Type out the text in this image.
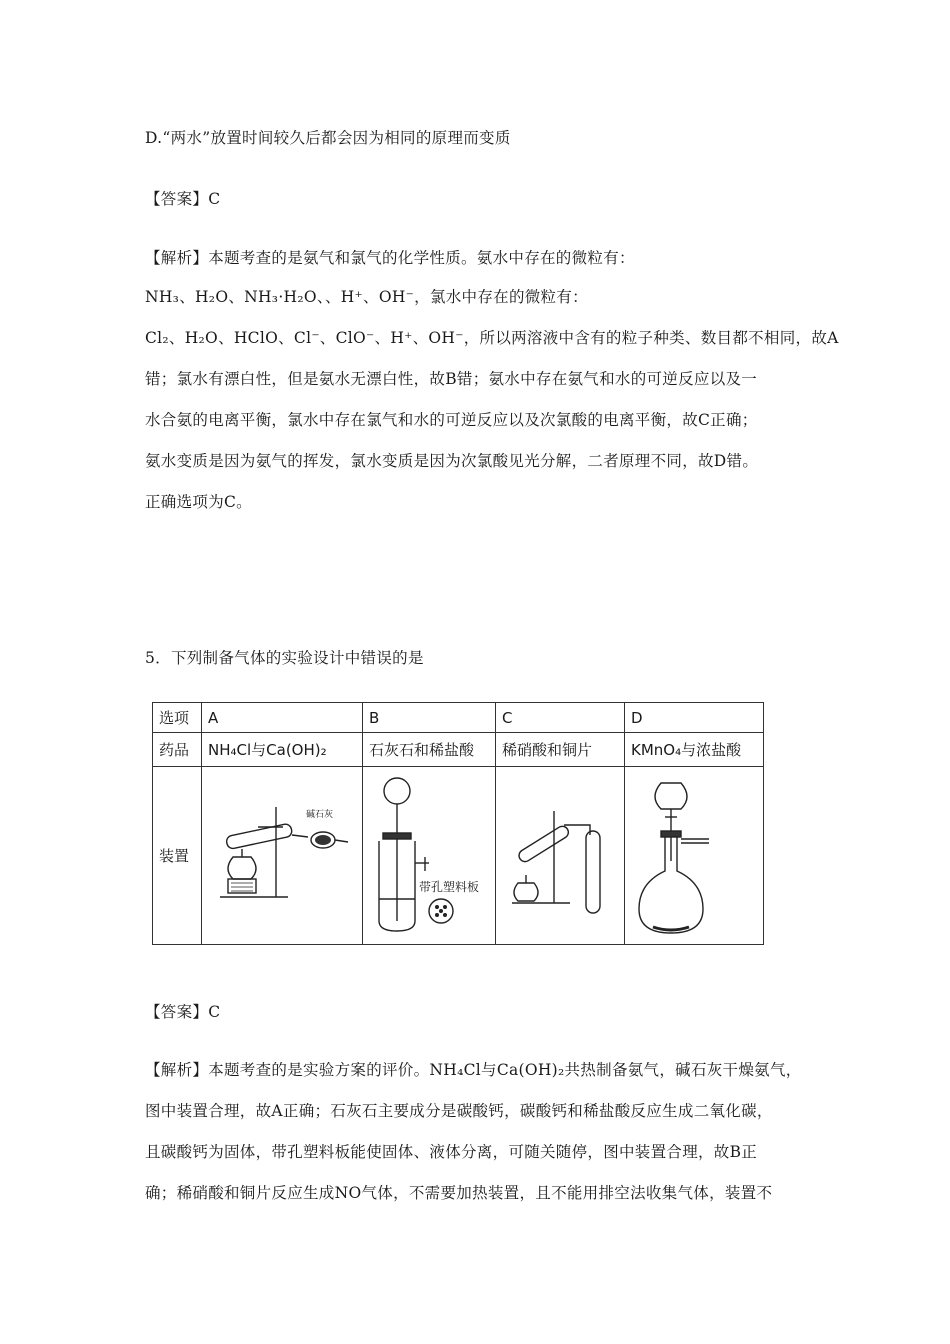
D.“两水”放置时间较久后都会因为相同的原理而变质
【答案】C
【解析】本题考查的是氨气和氯气的化学性质。氨水中存在的微粒有：
NH₃、H₂O、NH₃·H₂O、、H⁺、OH⁻，氯水中存在的微粒有：
Cl₂、H₂O、HClO、Cl⁻、ClO⁻、H⁺、OH⁻，所以两溶液中含有的粒子种类、数目都不相同，故A
错；氯水有漂白性，但是氨水无漂白性，故B错；氨水中存在氨气和水的可逆反应以及一
水合氨的电离平衡，氯水中存在氯气和水的可逆反应以及次氯酸的电离平衡，故C正确；
氨水变质是因为氨气的挥发，氯水变质是因为次氯酸见光分解，二者原理不同，故D错。
正确选项为C。
5．下列制备气体的实验设计中错误的是
选项	A	B	C	D
药品	NH₄Cl与Ca(OH)₂	石灰石和稀盐酸	稀硝酸和铜片	KMnO₄与浓盐酸
装置	碱石灰	带孔塑料板

【答案】C
【解析】本题考查的是实验方案的评价。NH₄Cl与Ca(OH)₂共热制备氨气，碱石灰干燥氨气，
图中装置合理，故A正确；石灰石主要成分是碳酸钙，碳酸钙和稀盐酸反应生成二氧化碳，
且碳酸钙为固体，带孔塑料板能使固体、液体分离，可随关随停，图中装置合理，故B正
确；稀硝酸和铜片反应生成NO气体，不需要加热装置，且不能用排空法收集气体，装置不
